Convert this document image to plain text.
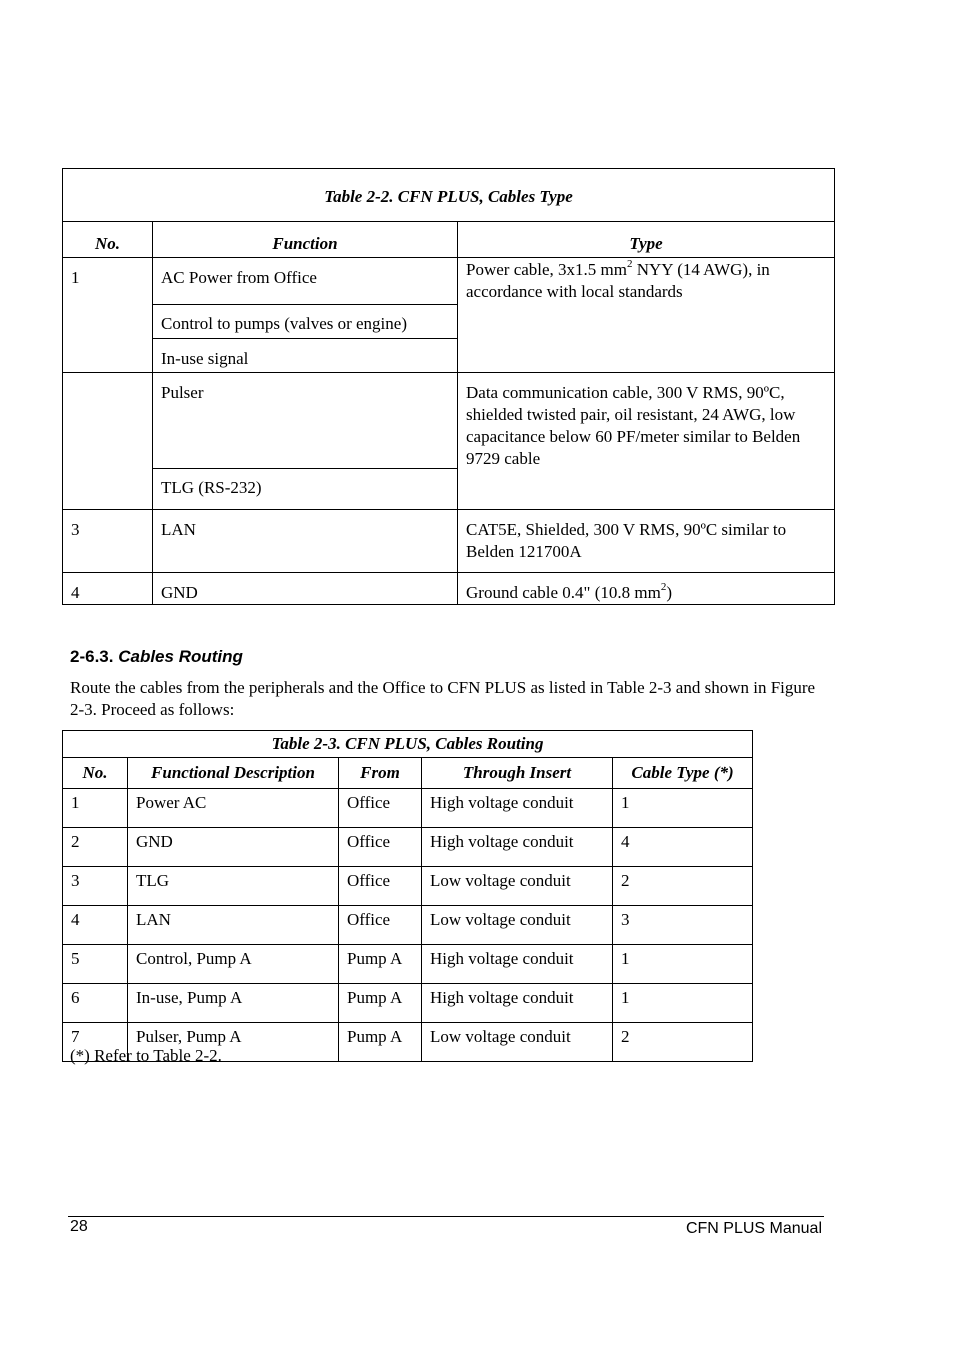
Table 2-2. CFN PLUS, Cables Type		
No.	Function	Type
1	AC Power from Office	Power cable, 3x1.5 $mm^2$ NYY (14 AWG), in accordance with local standards
	Control to pumps (valves or engine)	
	In-use signal	
	Pulser	Data communication cable, 300 V RMS, 90ºC, shielded twisted pair, oil resistant, 24 AWG, low capacitance below 60 PF/meter similar to Belden 9729 cable
	TLG (RS-232)	
3	LAN	CAT5E, Shielded, 300 V RMS, 90ºC similar to Belden 121700A
4	GND	Ground cable 0.4" (10.8 $mm^2$)
2-6.3. Cables Routing
Route the cables from the peripherals and the Office to CFN PLUS as listed in Table 2-3 and shown in Figure 2-3. Proceed as follows:
Table 2-3. CFN PLUS, Cables Routing				
No.	Functional Description	From	Through Insert	Cable Type (*)
1	Power AC	Office	High voltage conduit	1
2	GND	Office	High voltage conduit	4
3	TLG	Office	Low voltage conduit	2
4	LAN	Office	Low voltage conduit	3
5	Control, Pump A	Pump A	High voltage conduit	1
6	In-use, Pump A	Pump A	High voltage conduit	1
7	Pulser, Pump A	Pump A	Low voltage conduit	2
(*) Refer to Table 2-2.
28	CFN PLUS Manual
